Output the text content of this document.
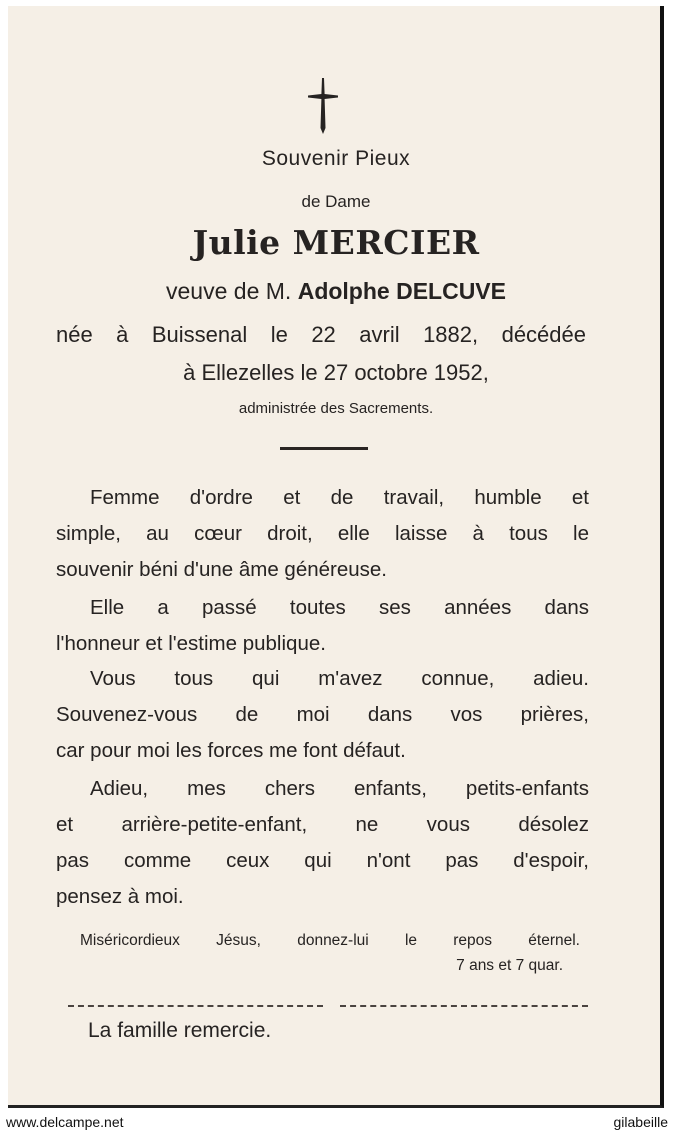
Souvenir Pieux
de Dame
Julie MERCIER
veuve de M. Adolphe DELCUVE
née à Buissenal le 22 avril 1882, décédée
à Ellezelles le 27 octobre 1952,
administrée des Sacrements.
Femme d'ordre et de travail, humble et
simple, au cœur droit, elle laisse à tous le
souvenir béni d'une âme généreuse.
Elle a passé toutes ses années dans
l'honneur et l'estime publique.
Vous tous qui m'avez connue, adieu.
Souvenez-vous de moi dans vos prières,
car pour moi les forces me font défaut.
Adieu, mes chers enfants, petits-enfants
et arrière-petite-enfant, ne vous désolez
pas comme ceux qui n'ont pas d'espoir,
pensez à moi.
Miséricordieux Jésus, donnez-lui le repos éternel.
7 ans et 7 quar.
La famille remercie.
www.delcampe.net	gilabeille
